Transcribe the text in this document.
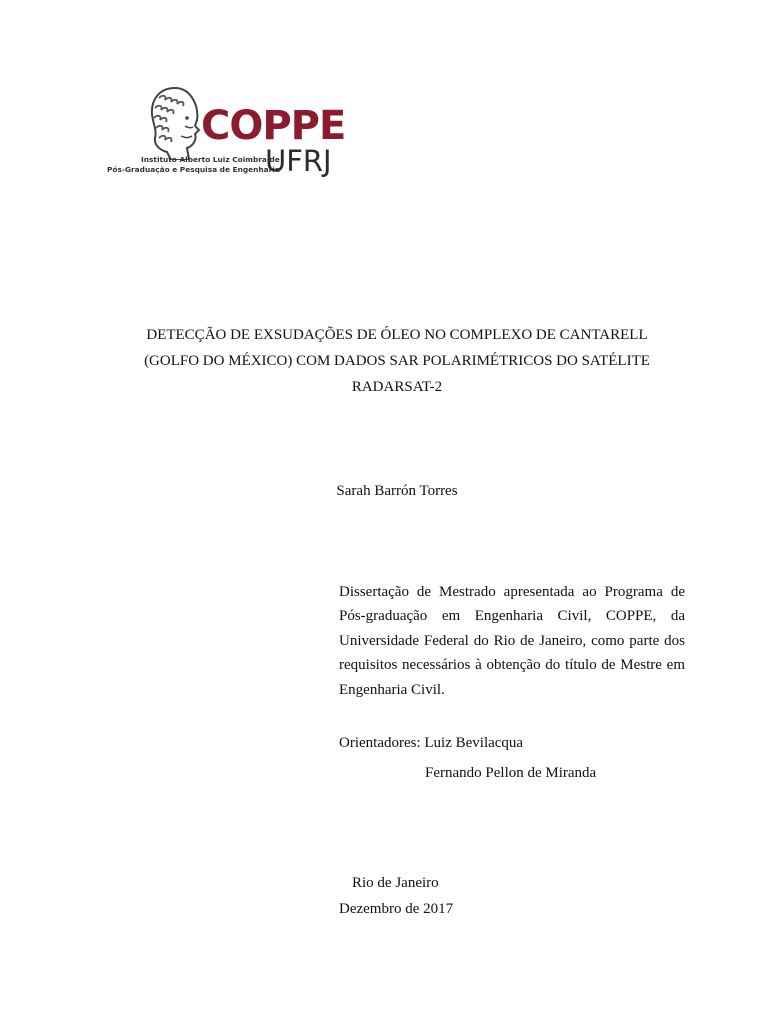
COPPE
UFRJ
Instituto Alberto Luiz Coimbra de
Pós-Graduação e Pesquisa de Engenharia
DETECÇÃO DE EXSUDAÇÕES DE ÓLEO NO COMPLEXO DE CANTARELL
(GOLFO DO MÉXICO) COM DADOS SAR POLARIMÉTRICOS DO SATÉLITE
RADARSAT-2
Sarah Barrón Torres
Dissertação de Mestrado apresentada ao Programa de Pós-graduação em Engenharia Civil, COPPE, da Universidade Federal do Rio de Janeiro, como parte dos requisitos necessários à obtenção do título de Mestre em Engenharia Civil.
Orientadores: Luiz Bevilacqua
Fernando Pellon de Miranda
Rio de Janeiro
Dezembro de 2017
